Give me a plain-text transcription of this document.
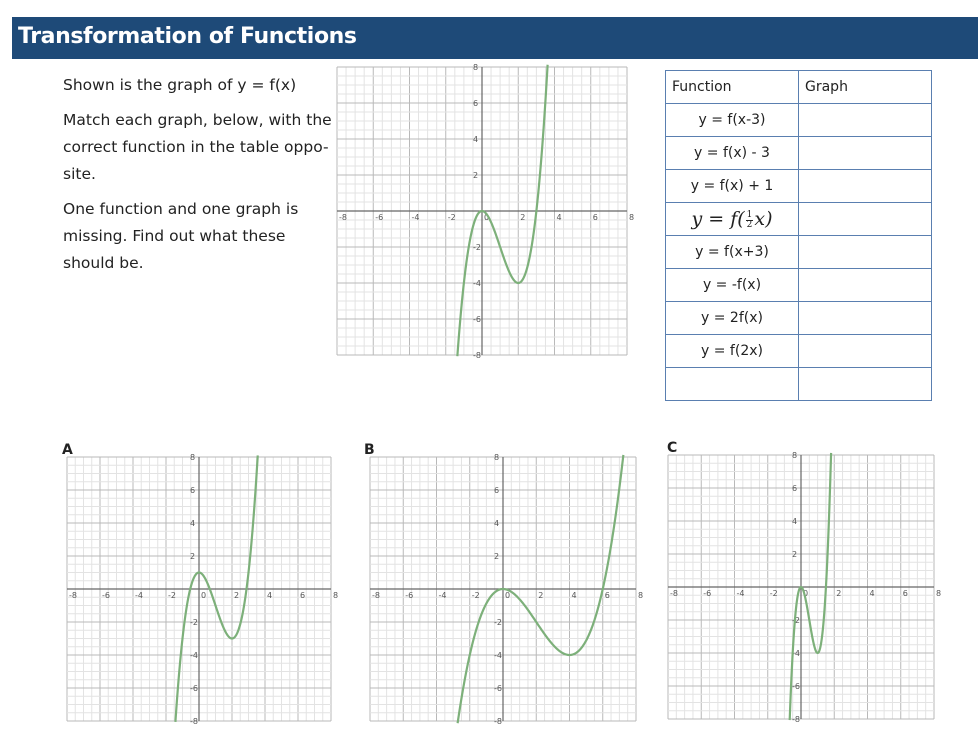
Transformation of Functions

Shown is the graph of y = f(x)

Match each graph, below, with the correct function in the table oppo-site.

One function and one graph is missing. Find out what these should be.

-8	-6	-4	-2	0	2	4	6	8
-8
-6
-4
-2
2
4
6
8
Function	Graph
y = f(x-3)	
y = f(x) - 3	
y = f(x) + 1	
$y = f( \frac{1}{2} x)$	
y = f(x+3)	
y = -f(x)	
y = 2f(x)	
y = f(2x)	

A
-8	-6	-4	-2	0	2	4	6	8
-8
-6
-4
-2
2
4
6
8	B
-8	-6	-4	-2	0	2	4	6	8
-8
-6
-4
-2
2
4
6
8
C
-8	-6	-4	-2	0	2	4	6	8
-8
-6
-4
-2
2
4
6
8
